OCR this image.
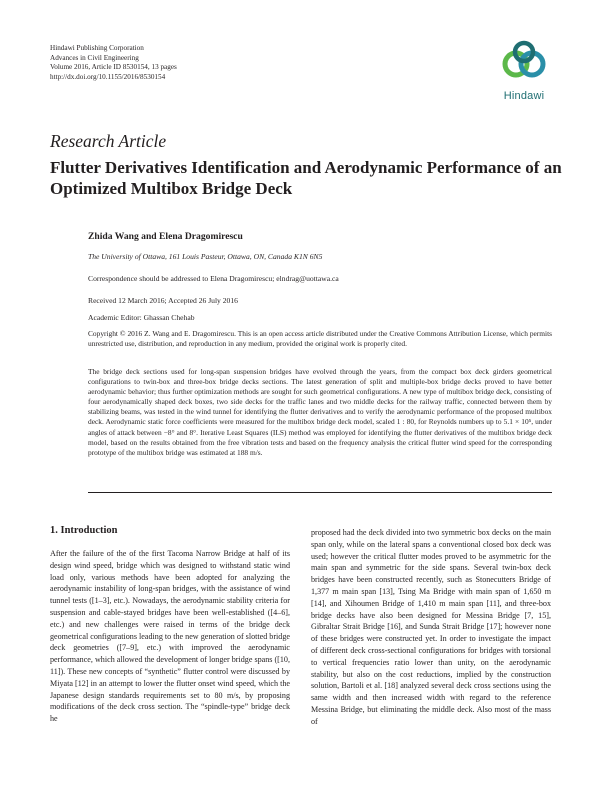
Hindawi Publishing Corporation
Advances in Civil Engineering
Volume 2016, Article ID 8530154, 13 pages
http://dx.doi.org/10.1155/2016/8530154
Hindawi
Research Article
Flutter Derivatives Identification and Aerodynamic Performance of an Optimized Multibox Bridge Deck
Zhida Wang and Elena Dragomirescu
The University of Ottawa, 161 Louis Pasteur, Ottawa, ON, Canada K1N 6N5
Correspondence should be addressed to Elena Dragomirescu; elndrag@uottawa.ca
Received 12 March 2016; Accepted 26 July 2016
Academic Editor: Ghassan Chehab
Copyright © 2016 Z. Wang and E. Dragomirescu. This is an open access article distributed under the Creative Commons Attribution License, which permits unrestricted use, distribution, and reproduction in any medium, provided the original work is properly cited.
The bridge deck sections used for long-span suspension bridges have evolved through the years, from the compact box deck girders geometrical configurations to twin-box and three-box bridge decks sections. The latest generation of split and multiple-box bridge decks proved to have better aerodynamic behavior; thus further optimization methods are sought for such geometrical configurations. A new type of multibox bridge deck, consisting of four aerodynamically shaped deck boxes, two side decks for the traffic lanes and two middle decks for the railway traffic, connected between them by stabilizing beams, was tested in the wind tunnel for identifying the flutter derivatives and to verify the aerodynamic performance of the proposed multibox deck. Aerodynamic static force coefficients were measured for the multibox bridge deck model, scaled 1 : 80, for Reynolds numbers up to 5.1 × 10⁵, under angles of attack between −8° and 8°. Iterative Least Squares (ILS) method was employed for identifying the flutter derivatives of the multibox bridge deck model, based on the results obtained from the free vibration tests and based on the frequency analysis the critical flutter wind speed for the corresponding prototype of the multibox bridge was estimated at 188 m/s.
1. Introduction
After the failure of the of the first Tacoma Narrow Bridge at half of its design wind speed, bridge which was designed to withstand static wind load only, various methods have been adopted for analyzing the aerodynamic instability of long-span bridges, with the assistance of wind tunnel tests ([1–3], etc.). Nowadays, the aerodynamic stability criteria for suspension and cable-stayed bridges have been well-established ([4–6], etc.) and new challenges were raised in terms of the bridge deck geometrical configurations leading to the new generation of slotted bridge deck geometries ([7–9], etc.) with improved the aerodynamic performance, which allowed the development of longer bridge spans ([10, 11]). These new concepts of “synthetic” flutter control were discussed by Miyata [12] in an attempt to lower the flutter onset wind speed, which the Japanese design standards requirements set to 80 m/s, by proposing modifications of the deck cross section. The “spindle-type” bridge deck he
proposed had the deck divided into two symmetric box decks on the main span only, while on the lateral spans a conventional closed box deck was used; however the critical flutter modes proved to be asymmetric for the main span and symmetric for the side spans. Several twin-box deck bridges have been constructed recently, such as Stonecutters Bridge of 1,377 m main span [13], Tsing Ma Bridge with main span of 1,650 m [14], and Xihoumen Bridge of 1,410 m main span [11], and three-box bridge decks have also been designed for Messina Bridge [7, 15], Gibraltar Strait Bridge [16], and Sunda Strait Bridge [17]; however none of these bridges were constructed yet. In order to investigate the impact of different deck cross-sectional configurations for bridges with torsional to vertical frequencies ratio lower than unity, on the aerodynamic stability, but also on the cost reductions, implied by the construction solution, Bartoli et al. [18] analyzed several deck cross sections using the same width and then increased width with regard to the reference Messina Bridge, but eliminating the middle deck. Also most of the mass of
